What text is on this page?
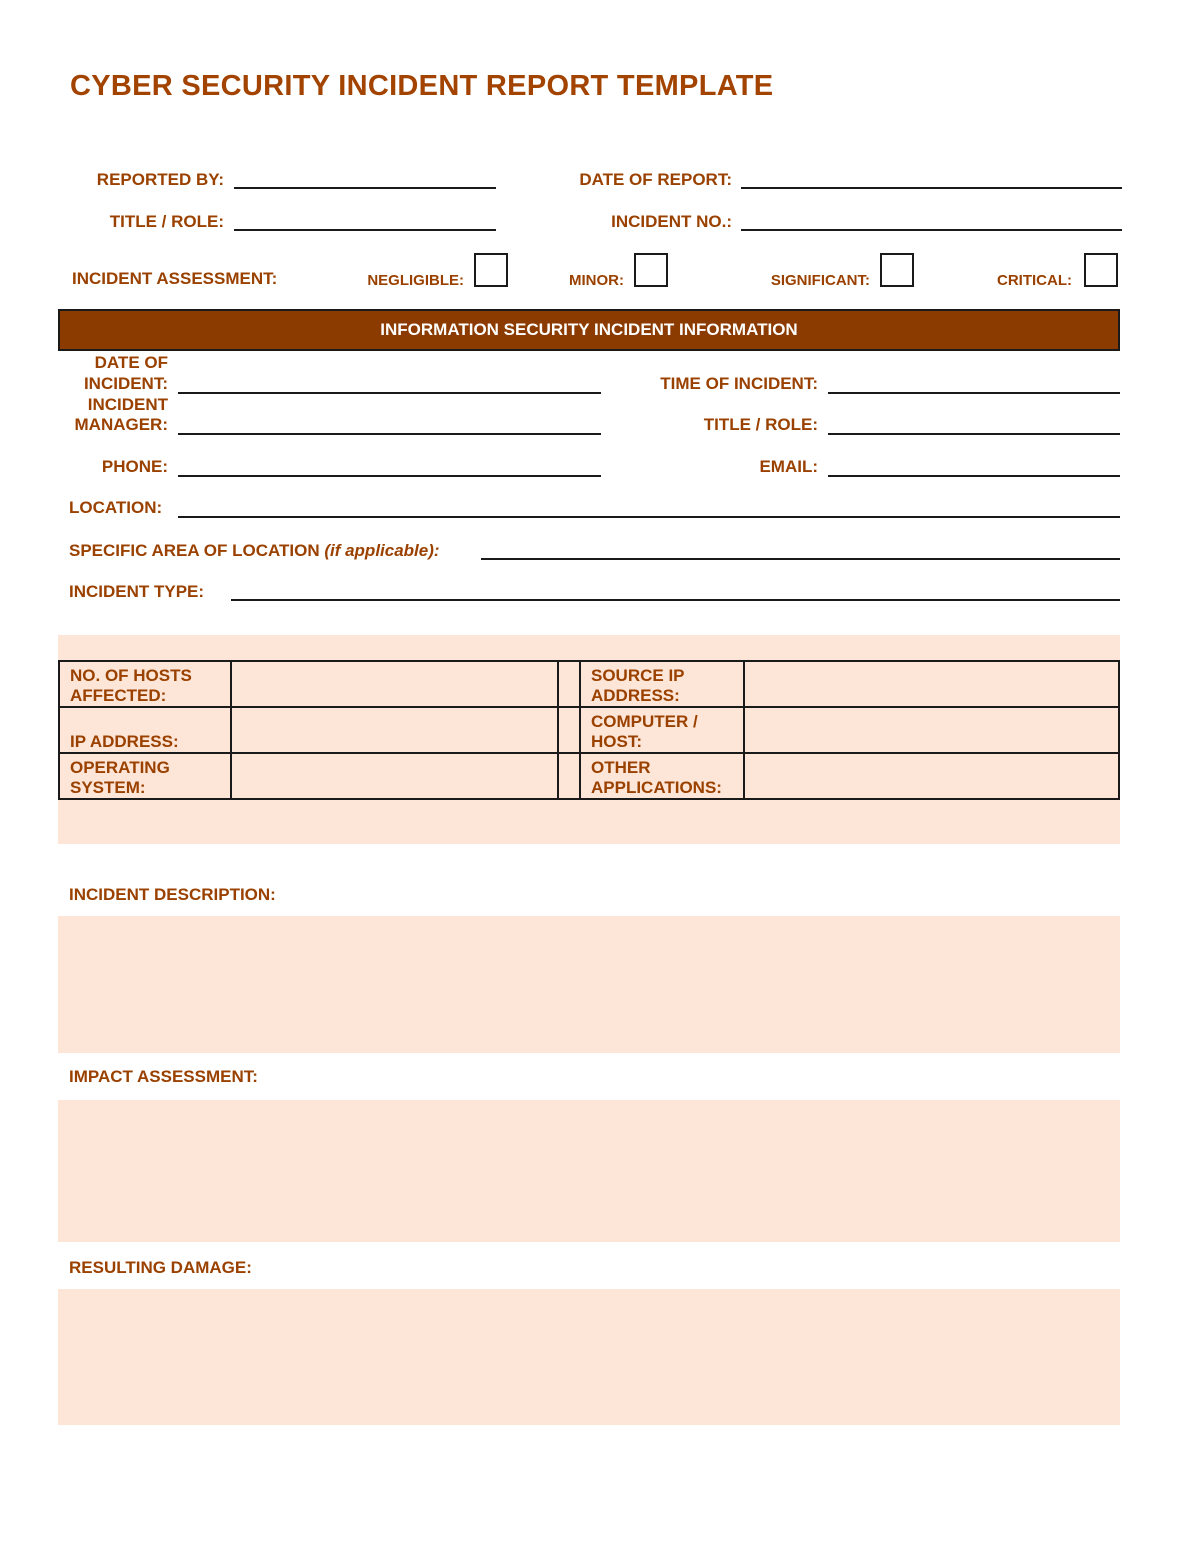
CYBER SECURITY INCIDENT REPORT TEMPLATE
REPORTED BY:	DATE OF REPORT:
TITLE / ROLE:	INCIDENT NO.:
INCIDENT ASSESSMENT:	NEGLIGIBLE:	MINOR:	SIGNIFICANT:	CRITICAL:
INFORMATION SECURITY INCIDENT INFORMATION
DATE OF
INCIDENT:	TIME OF INCIDENT:
INCIDENT
MANAGER:	TITLE / ROLE:
PHONE:	EMAIL:
LOCATION:
SPECIFIC AREA OF LOCATION (if applicable):
INCIDENT TYPE:
NO. OF HOSTS AFFECTED:			SOURCE IP ADDRESS:	
IP ADDRESS:			COMPUTER / HOST:	
OPERATING SYSTEM:			OTHER APPLICATIONS:	
INCIDENT DESCRIPTION:
IMPACT ASSESSMENT:
RESULTING DAMAGE:
